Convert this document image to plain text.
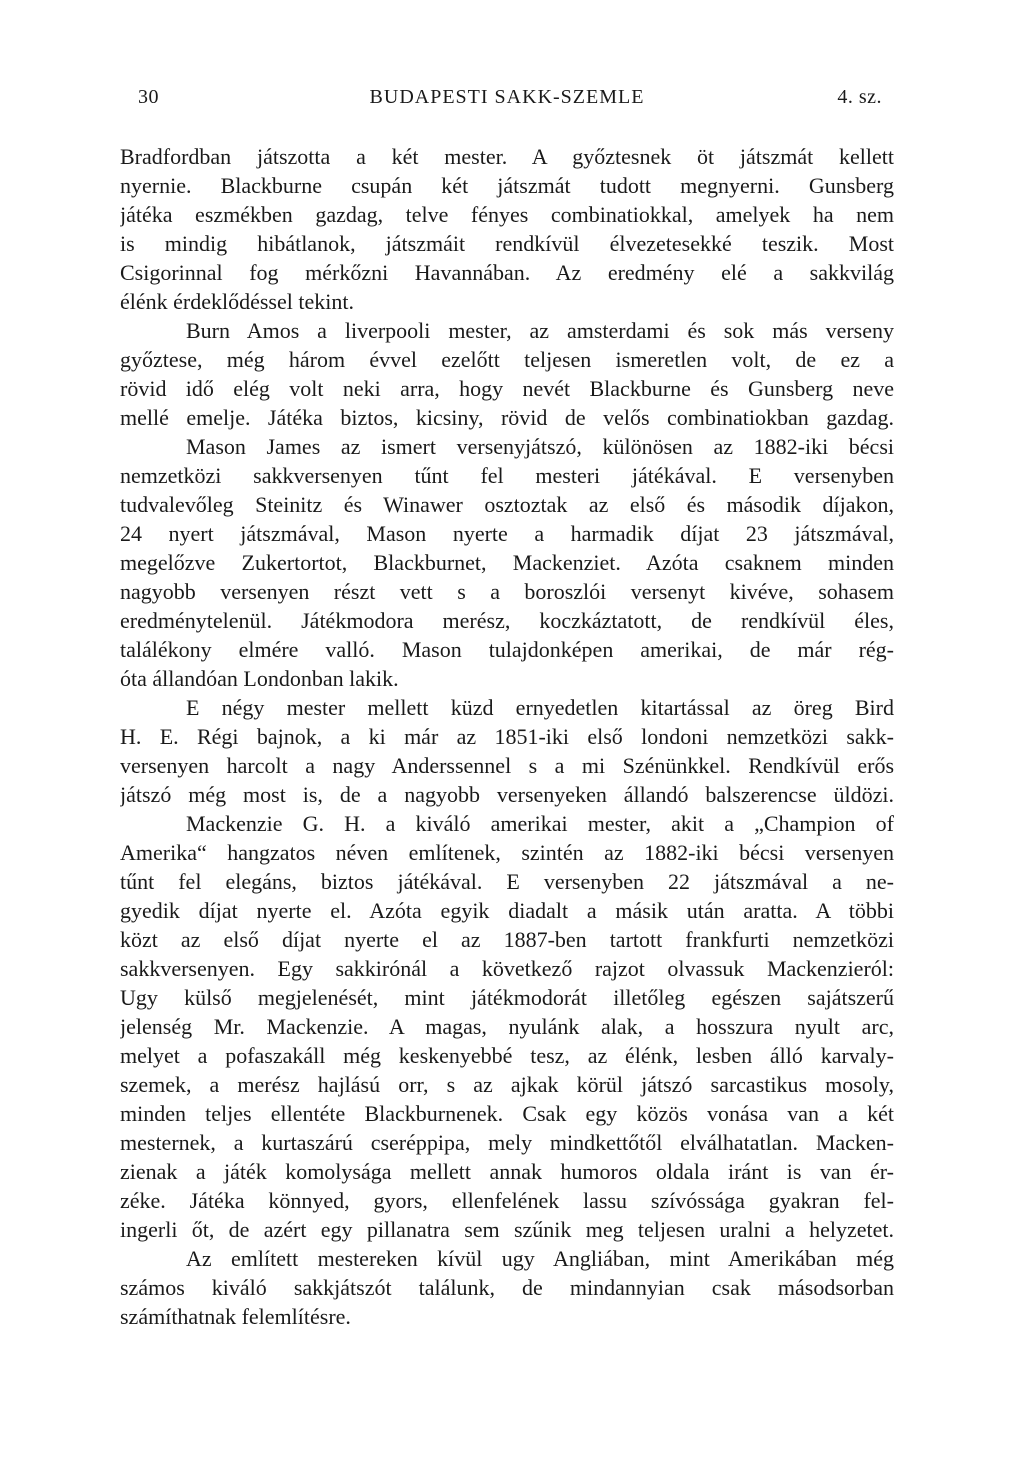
30	BUDAPESTI SAKK-SZEMLE	4. sz.
Bradfordban játszotta a két mester. A győztesnek öt játszmát kellett
nyernie. Blackburne csupán két játszmát tudott megnyerni. Gunsberg
játéka eszmékben gazdag, telve fényes combinatiokkal, amelyek ha nem
is mindig hibátlanok, játszmáit rendkívül élvezetesekké teszik. Most
Csigorinnal fog mérkőzni Havannában. Az eredmény elé a sakkvilág
élénk érdeklődéssel tekint.
Burn Amos a liverpooli mester, az amsterdami és sok más verseny
győztese, még három évvel ezelőtt teljesen ismeretlen volt, de ez a
rövid idő elég volt neki arra, hogy nevét Blackburne és Gunsberg neve
mellé emelje. Játéka biztos, kicsiny, rövid de velős combinatiokban gazdag.
Mason James az ismert versenyjátszó, különösen az 1882-iki bécsi
nemzetközi sakkversenyen tűnt fel mesteri játékával. E versenyben
tudvalevőleg Steinitz és Winawer osztoztak az első és második díjakon,
24 nyert játszmával, Mason nyerte a harmadik díjat 23 játszmával,
megelőzve Zukertortot, Blackburnet, Mackenziet. Azóta csaknem minden
nagyobb versenyen részt vett s a boroszlói versenyt kivéve, sohasem
eredménytelenül. Játékmodora merész, koczkáztatott, de rendkívül éles,
találékony elmére valló. Mason tulajdonképen amerikai, de már rég-
óta állandóan Londonban lakik.
E négy mester mellett küzd ernyedetlen kitartással az öreg Bird
H. E. Régi bajnok, a ki már az 1851-iki első londoni nemzetközi sakk-
versenyen harcolt a nagy Anderssennel s a mi Szénünkkel. Rendkívül erős
játszó még most is, de a nagyobb versenyeken állandó balszerencse üldözi.
Mackenzie G. H. a kiváló amerikai mester, akit a „Champion of
Amerika“ hangzatos néven említenek, szintén az 1882-iki bécsi versenyen
tűnt fel elegáns, biztos játékával. E versenyben 22 játszmával a ne-
gyedik díjat nyerte el. Azóta egyik diadalt a másik után aratta. A többi
közt az első díjat nyerte el az 1887-ben tartott frankfurti nemzetközi
sakkversenyen. Egy sakkirónál a következő rajzot olvassuk Mackenzieról:
Ugy külső megjelenését, mint játékmodorát illetőleg egészen sajátszerű
jelenség Mr. Mackenzie. A magas, nyulánk alak, a hosszura nyult arc,
melyet a pofaszakáll még keskenyebbé tesz, az élénk, lesben álló karvaly-
szemek, a merész hajlású orr, s az ajkak körül játszó sarcastikus mosoly,
minden teljes ellentéte Blackburnenek. Csak egy közös vonása van a két
mesternek, a kurtaszárú cseréppipa, mely mindkettőtől elválhatatlan. Macken-
zienak a játék komolysága mellett annak humoros oldala iránt is van ér-
zéke. Játéka könnyed, gyors, ellenfelének lassu szívóssága gyakran fel-
ingerli őt, de azért egy pillanatra sem szűnik meg teljesen uralni a helyzetet.
Az említett mestereken kívül ugy Angliában, mint Amerikában még
számos kiváló sakkjátszót találunk, de mindannyian csak másodsorban
számíthatnak felemlítésre.
